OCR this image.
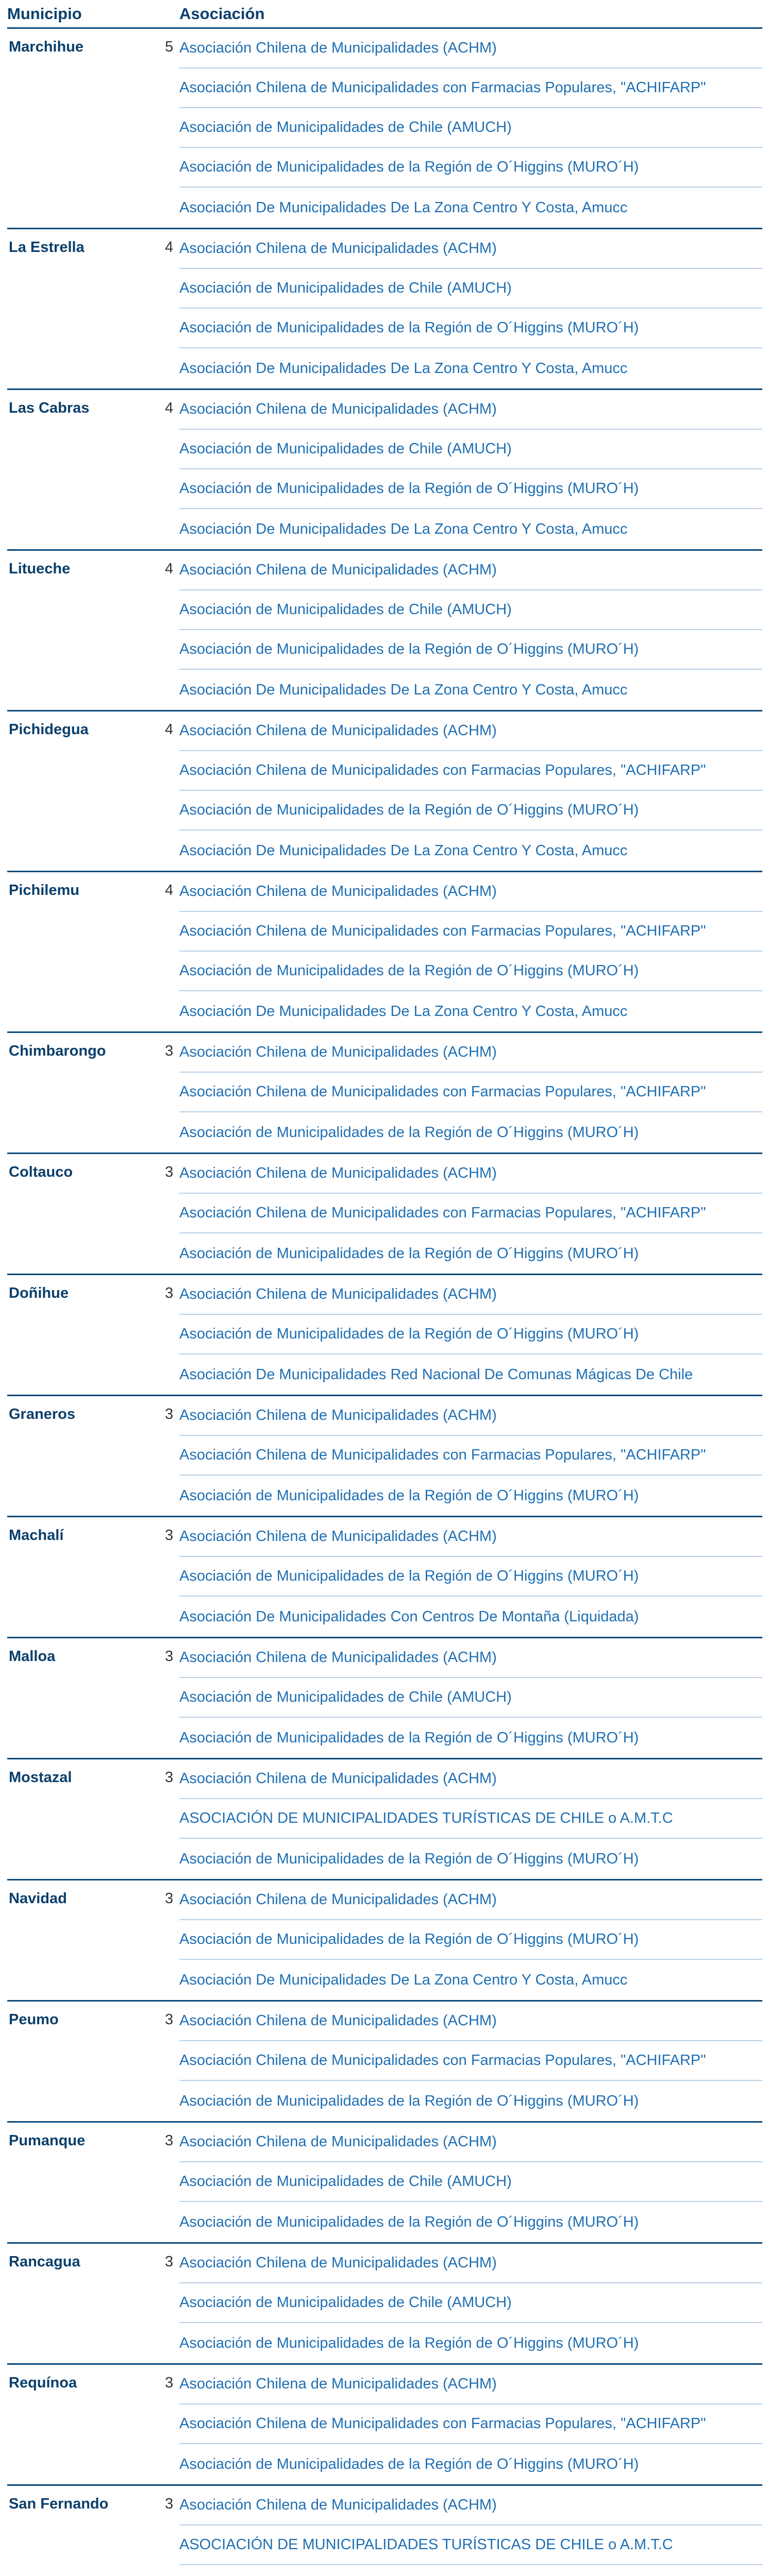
Municipio	Asociación
Marchihue	5 Asociación Chilena de Municipalidades (ACHM)
Asociación Chilena de Municipalidades con Farmacias Populares, "ACHIFARP"
Asociación de Municipalidades de Chile (AMUCH)
Asociación de Municipalidades de la Región de O´Higgins (MURO´H)
Asociación De Municipalidades De La Zona Centro Y Costa, Amucc
La Estrella	4 Asociación Chilena de Municipalidades (ACHM)
Asociación de Municipalidades de Chile (AMUCH)
Asociación de Municipalidades de la Región de O´Higgins (MURO´H)
Asociación De Municipalidades De La Zona Centro Y Costa, Amucc
Las Cabras	4 Asociación Chilena de Municipalidades (ACHM)
Asociación de Municipalidades de Chile (AMUCH)
Asociación de Municipalidades de la Región de O´Higgins (MURO´H)
Asociación De Municipalidades De La Zona Centro Y Costa, Amucc
Litueche	4 Asociación Chilena de Municipalidades (ACHM)
Asociación de Municipalidades de Chile (AMUCH)
Asociación de Municipalidades de la Región de O´Higgins (MURO´H)
Asociación De Municipalidades De La Zona Centro Y Costa, Amucc
Pichidegua	4 Asociación Chilena de Municipalidades (ACHM)
Asociación Chilena de Municipalidades con Farmacias Populares, "ACHIFARP"
Asociación de Municipalidades de la Región de O´Higgins (MURO´H)
Asociación De Municipalidades De La Zona Centro Y Costa, Amucc
Pichilemu	4 Asociación Chilena de Municipalidades (ACHM)
Asociación Chilena de Municipalidades con Farmacias Populares, "ACHIFARP"
Asociación de Municipalidades de la Región de O´Higgins (MURO´H)
Asociación De Municipalidades De La Zona Centro Y Costa, Amucc
Chimbarongo	3 Asociación Chilena de Municipalidades (ACHM)
Asociación Chilena de Municipalidades con Farmacias Populares, "ACHIFARP"
Asociación de Municipalidades de la Región de O´Higgins (MURO´H)
Coltauco	3 Asociación Chilena de Municipalidades (ACHM)
Asociación Chilena de Municipalidades con Farmacias Populares, "ACHIFARP"
Asociación de Municipalidades de la Región de O´Higgins (MURO´H)
Doñihue	3 Asociación Chilena de Municipalidades (ACHM)
Asociación de Municipalidades de la Región de O´Higgins (MURO´H)
Asociación De Municipalidades Red Nacional De Comunas Mágicas De Chile
Graneros	3 Asociación Chilena de Municipalidades (ACHM)
Asociación Chilena de Municipalidades con Farmacias Populares, "ACHIFARP"
Asociación de Municipalidades de la Región de O´Higgins (MURO´H)
Machalí	3 Asociación Chilena de Municipalidades (ACHM)
Asociación de Municipalidades de la Región de O´Higgins (MURO´H)
Asociación De Municipalidades Con Centros De Montaña (Liquidada)
Malloa	3 Asociación Chilena de Municipalidades (ACHM)
Asociación de Municipalidades de Chile (AMUCH)
Asociación de Municipalidades de la Región de O´Higgins (MURO´H)
Mostazal	3 Asociación Chilena de Municipalidades (ACHM)
ASOCIACIÓN DE MUNICIPALIDADES TURÍSTICAS DE CHILE o A.M.T.C
Asociación de Municipalidades de la Región de O´Higgins (MURO´H)
Navidad	3 Asociación Chilena de Municipalidades (ACHM)
Asociación de Municipalidades de la Región de O´Higgins (MURO´H)
Asociación De Municipalidades De La Zona Centro Y Costa, Amucc
Peumo	3 Asociación Chilena de Municipalidades (ACHM)
Asociación Chilena de Municipalidades con Farmacias Populares, "ACHIFARP"
Asociación de Municipalidades de la Región de O´Higgins (MURO´H)
Pumanque	3 Asociación Chilena de Municipalidades (ACHM)
Asociación de Municipalidades de Chile (AMUCH)
Asociación de Municipalidades de la Región de O´Higgins (MURO´H)
Rancagua	3 Asociación Chilena de Municipalidades (ACHM)
Asociación de Municipalidades de Chile (AMUCH)
Asociación de Municipalidades de la Región de O´Higgins (MURO´H)
Requínoa	3 Asociación Chilena de Municipalidades (ACHM)
Asociación Chilena de Municipalidades con Farmacias Populares, "ACHIFARP"
Asociación de Municipalidades de la Región de O´Higgins (MURO´H)
San Fernando	3 Asociación Chilena de Municipalidades (ACHM)
ASOCIACIÓN DE MUNICIPALIDADES TURÍSTICAS DE CHILE o A.M.T.C
